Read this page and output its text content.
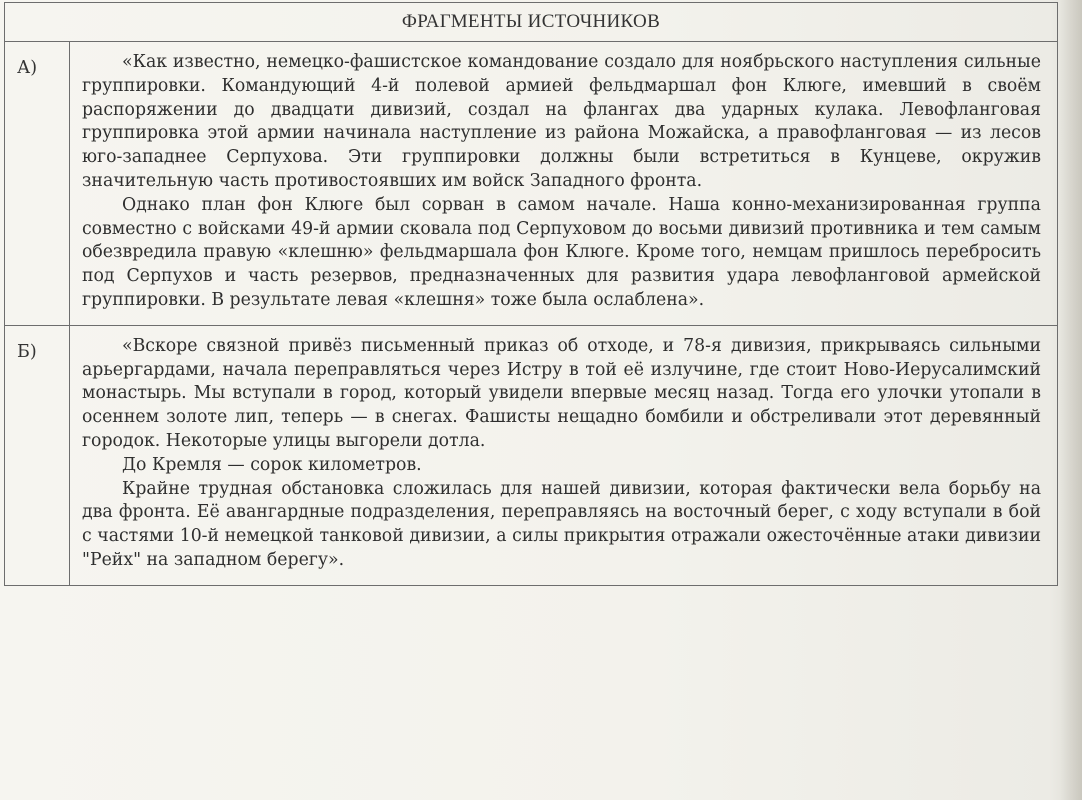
ФРАГМЕНТЫ ИСТОЧНИКОВ	
А)	«Как известно, немецко-фашистское командование создало для ноябрьского наступления сильные группировки. Командующий 4-й полевой армией фельдмаршал фон Клюге, имевший в своём распоряжении до двадцати дивизий, создал на флангах два ударных кулака. Левофланговая группировка этой армии начинала наступление из района Можайска, а правофланговая — из лесов юго-западнее Серпухова. Эти группировки должны были встретиться в Кунцеве, окружив значительную часть противостоявших им войск Западного фронта.

Однако план фон Клюге был сорван в самом начале. Наша конно-механизированная группа совместно с войсками 49-й армии сковала под Серпуховом до восьми дивизий противника и тем самым обезвредила правую «клешню» фельдмаршала фон Клюге. Кроме того, немцам пришлось перебросить под Серпухов и часть резервов, предназначенных для развития удара левофланговой армейской группировки. В результате левая «клешня» тоже была ослаблена».

Б)	«Вскоре связной привёз письменный приказ об отходе, и 78-я дивизия, прикрываясь сильными арьергардами, начала переправляться через Истру в той её излучине, где стоит Ново-Иерусалимский монастырь. Мы вступали в город, который увидели впервые месяц назад. Тогда его улочки утопали в осеннем золоте лип, теперь — в снегах. Фашисты нещадно бомбили и обстреливали этот деревянный городок. Некоторые улицы выгорели дотла.

До Кремля — сорок километров.

Крайне трудная обстановка сложилась для нашей дивизии, которая фактически вела борьбу на два фронта. Её авангардные подразделения, переправляясь на восточный берег, с ходу вступали в бой с частями 10-й немецкой танковой дивизии, а силы прикрытия отражали ожесточённые атаки дивизии "Рейх" на западном берегу».
